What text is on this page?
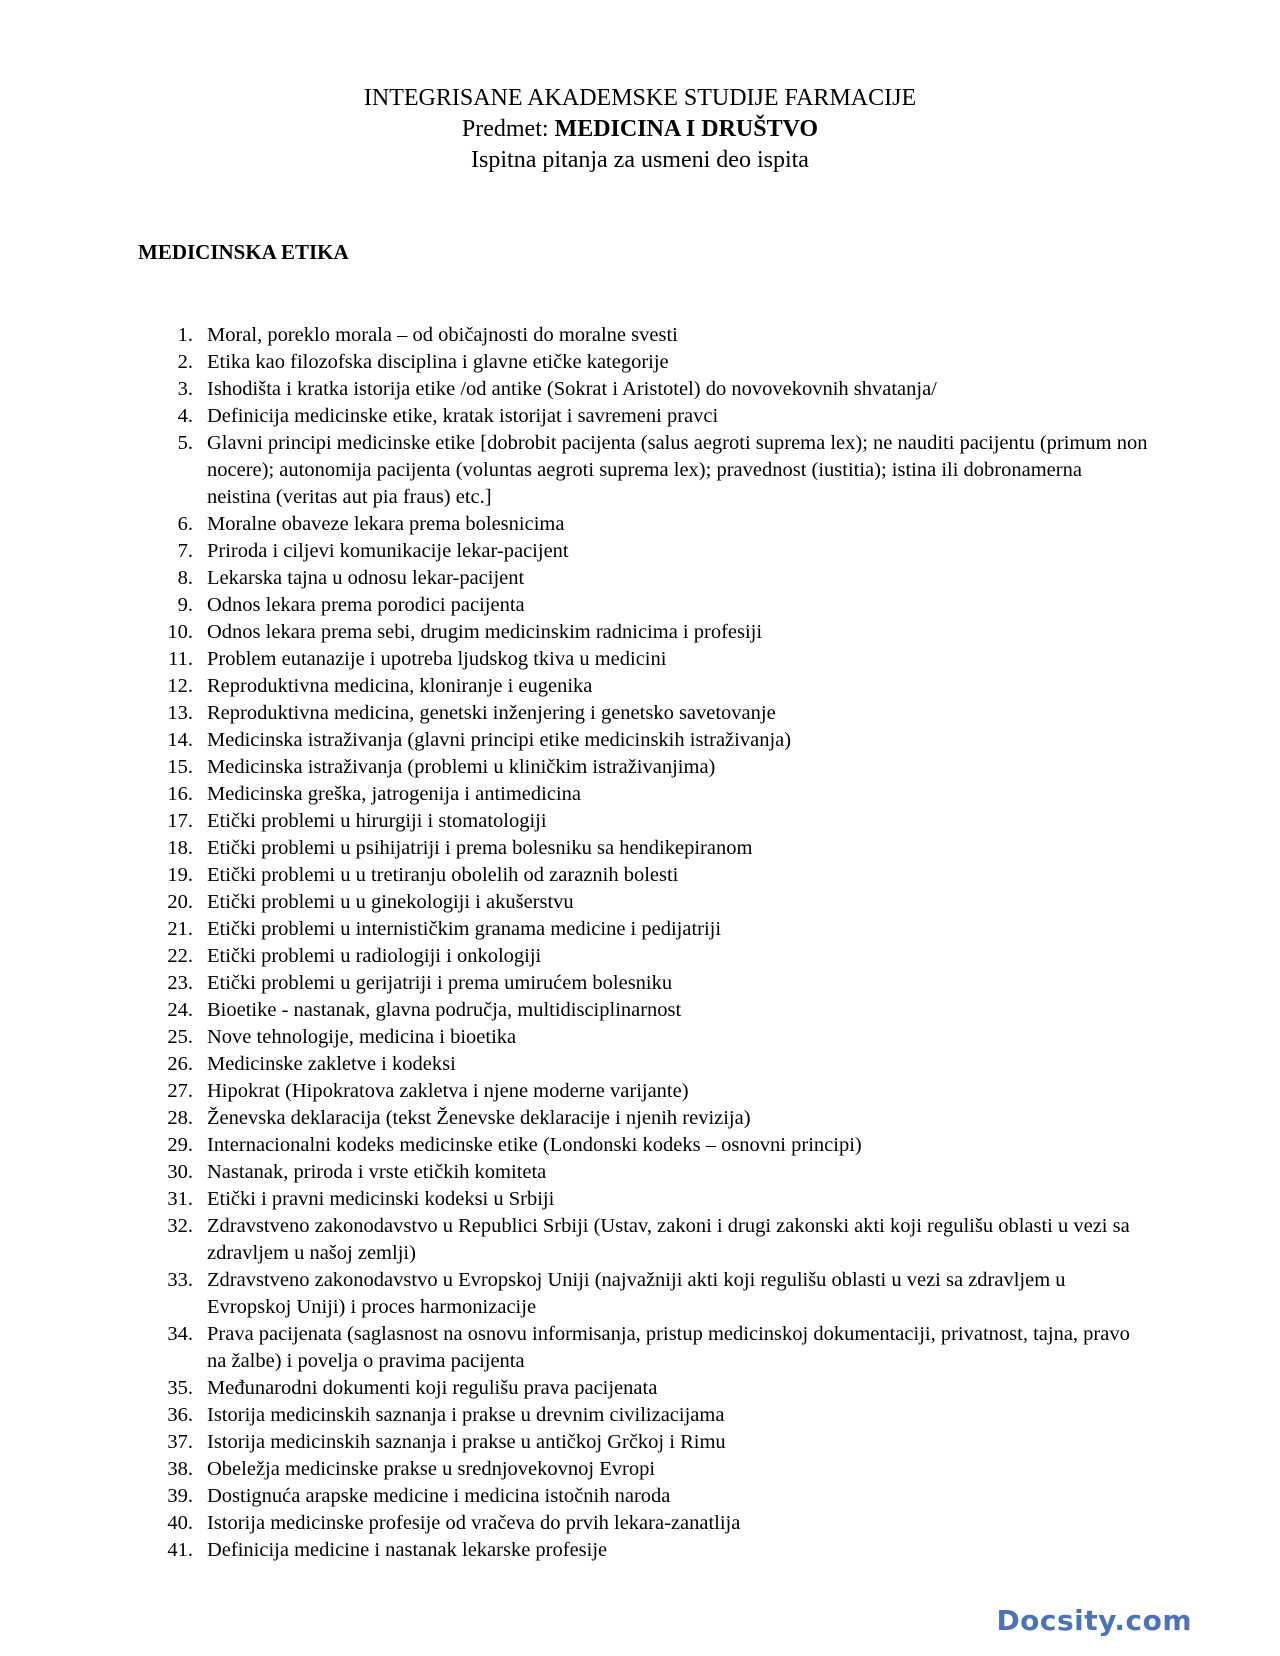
INTEGRISANE AKADEMSKE STUDIJE FARMACIJE
Predmet: MEDICINA I DRUŠTVO
Ispitna pitanja za usmeni deo ispita
MEDICINSKA ETIKA
1. Moral, poreklo morala – od običajnosti do moralne svesti
2. Etika kao filozofska disciplina i glavne etičke kategorije
3. Ishodišta i kratka istorija etike /od antike (Sokrat i Aristotel) do novovekovnih shvatanja/
4. Definicija medicinske etike, kratak istorijat i savremeni pravci
5. Glavni principi medicinske etike [dobrobit pacijenta (salus aegroti suprema lex); ne nauditi pacijentu (primum non nocere); autonomija pacijenta (voluntas aegroti suprema lex); pravednost (iustitia); istina ili dobronamerna neistina (veritas aut pia fraus) etc.]
6. Moralne obaveze lekara prema bolesnicima
7. Priroda i ciljevi komunikacije lekar-pacijent
8. Lekarska tajna u odnosu lekar-pacijent
9. Odnos lekara prema porodici pacijenta
10. Odnos lekara prema sebi, drugim medicinskim radnicima i profesiji
11. Problem eutanazije i upotreba ljudskog tkiva u medicini
12. Reproduktivna medicina, kloniranje i eugenika
13. Reproduktivna medicina, genetski inženjering i genetsko savetovanje
14. Medicinska istraživanja (glavni principi etike medicinskih istraživanja)
15. Medicinska istraživanja (problemi u kliničkim istraživanjima)
16. Medicinska greška, jatrogenija i antimedicina
17. Etički problemi u hirurgiji i stomatologiji
18. Etički problemi u psihijatriji i prema bolesniku sa hendikepiranom
19. Etički problemi u u tretiranju obolelih od zaraznih bolesti
20. Etički problemi u u ginekologiji i akušerstvu
21. Etički problemi u internističkim granama medicine i pedijatriji
22. Etički problemi u radiologiji i onkologiji
23. Etički problemi u gerijatriji i prema umirućem bolesniku
24. Bioetike - nastanak, glavna područja, multidisciplinarnost
25. Nove tehnologije, medicina i bioetika
26. Medicinske zakletve i kodeksi
27. Hipokrat (Hipokratova zakletva i njene moderne varijante)
28. Ženevska deklaracija (tekst Ženevske deklaracije i njenih revizija)
29. Internacionalni kodeks medicinske etike (Londonski kodeks – osnovni principi)
30. Nastanak, priroda i vrste etičkih komiteta
31. Etički i pravni medicinski kodeksi u Srbiji
32. Zdravstveno zakonodavstvo u Republici Srbiji (Ustav, zakoni i drugi zakonski akti koji regulišu oblasti u vezi sa zdravljem u našoj zemlji)
33. Zdravstveno zakonodavstvo u Evropskoj Uniji (najvažniji akti koji regulišu oblasti u vezi sa zdravljem u Evropskoj Uniji) i proces harmonizacije
34. Prava pacijenata (saglasnost na osnovu informisanja, pristup medicinskoj dokumentaciji, privatnost, tajna, pravo na žalbe) i povelja o pravima pacijenta
35. Međunarodni dokumenti koji regulišu prava pacijenata
36. Istorija medicinskih saznanja i prakse u drevnim civilizacijama
37. Istorija medicinskih saznanja i prakse u antičkoj Grčkoj i Rimu
38. Obeležja medicinske prakse u srednjovekovnoj Evropi
39. Dostignuća arapske medicine i medicina istočnih naroda
40. Istorija medicinske profesije od vračeva do prvih lekara-zanatlija
41. Definicija medicine i nastanak lekarske profesije
Docsity.com
